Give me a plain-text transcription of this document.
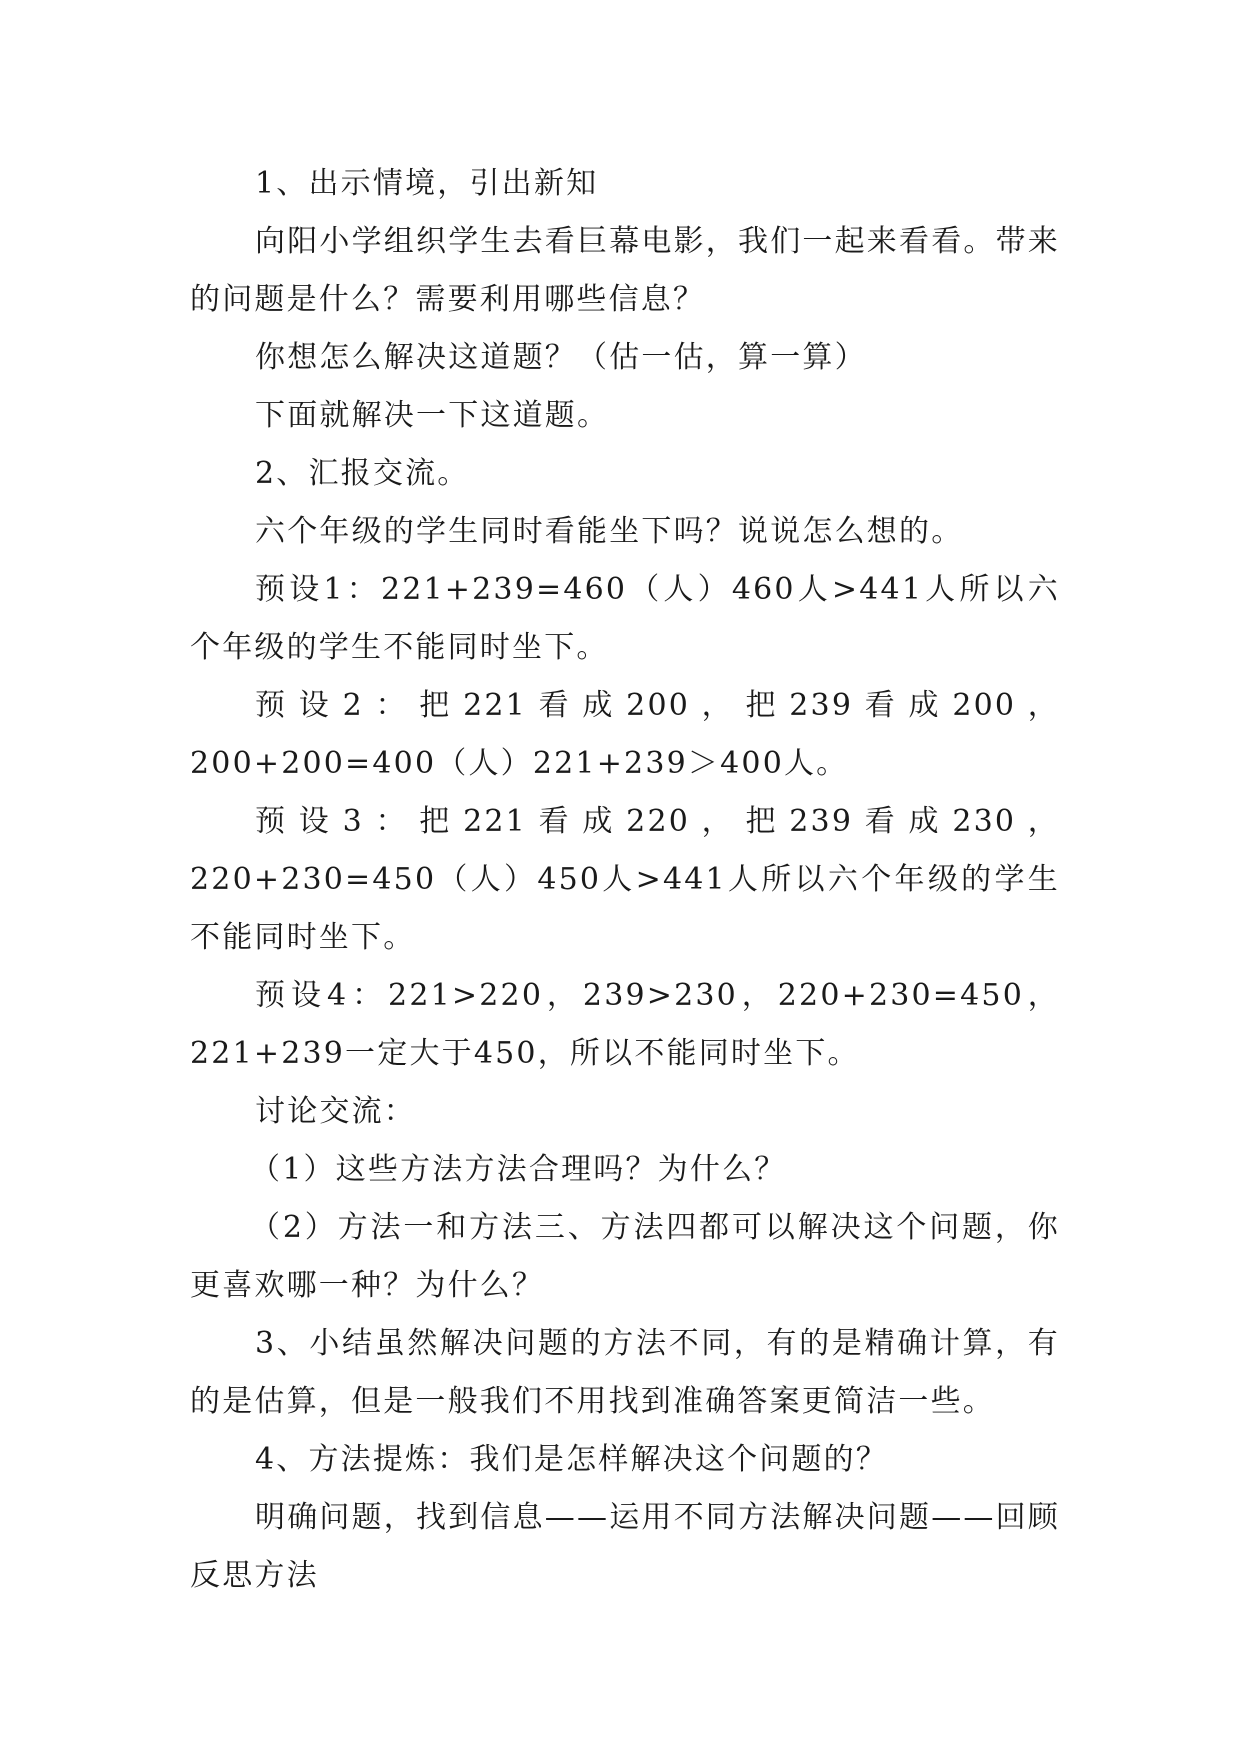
1、出示情境，引出新知

向阳小学组织学生去看巨幕电影，我们一起来看看。带来的问题是什么？需要利用哪些信息？

你想怎么解决这道题？（估一估，算一算）

下面就解决一下这道题。

2、汇报交流。

六个年级的学生同时看能坐下吗？说说怎么想的。

预设1：221+239=460（人）460人>441人所以六个年级的学生不能同时坐下。

预设2：把221看成200，把239看成200，200+200=400（人）221+239＞400人。

预设3：把221看成220，把239看成230，220+230=450（人）450人>441人所以六个年级的学生不能同时坐下。

预设4：221>220，239>230，220+230=450，221+239一定大于450，所以不能同时坐下。

讨论交流：

（1）这些方法方法合理吗？为什么？

（2）方法一和方法三、方法四都可以解决这个问题，你更喜欢哪一种？为什么？

3、小结虽然解决问题的方法不同，有的是精确计算，有的是估算，但是一般我们不用找到准确答案更简洁一些。

4、方法提炼：我们是怎样解决这个问题的？

明确问题，找到信息——运用不同方法解决问题——回顾反思方法
